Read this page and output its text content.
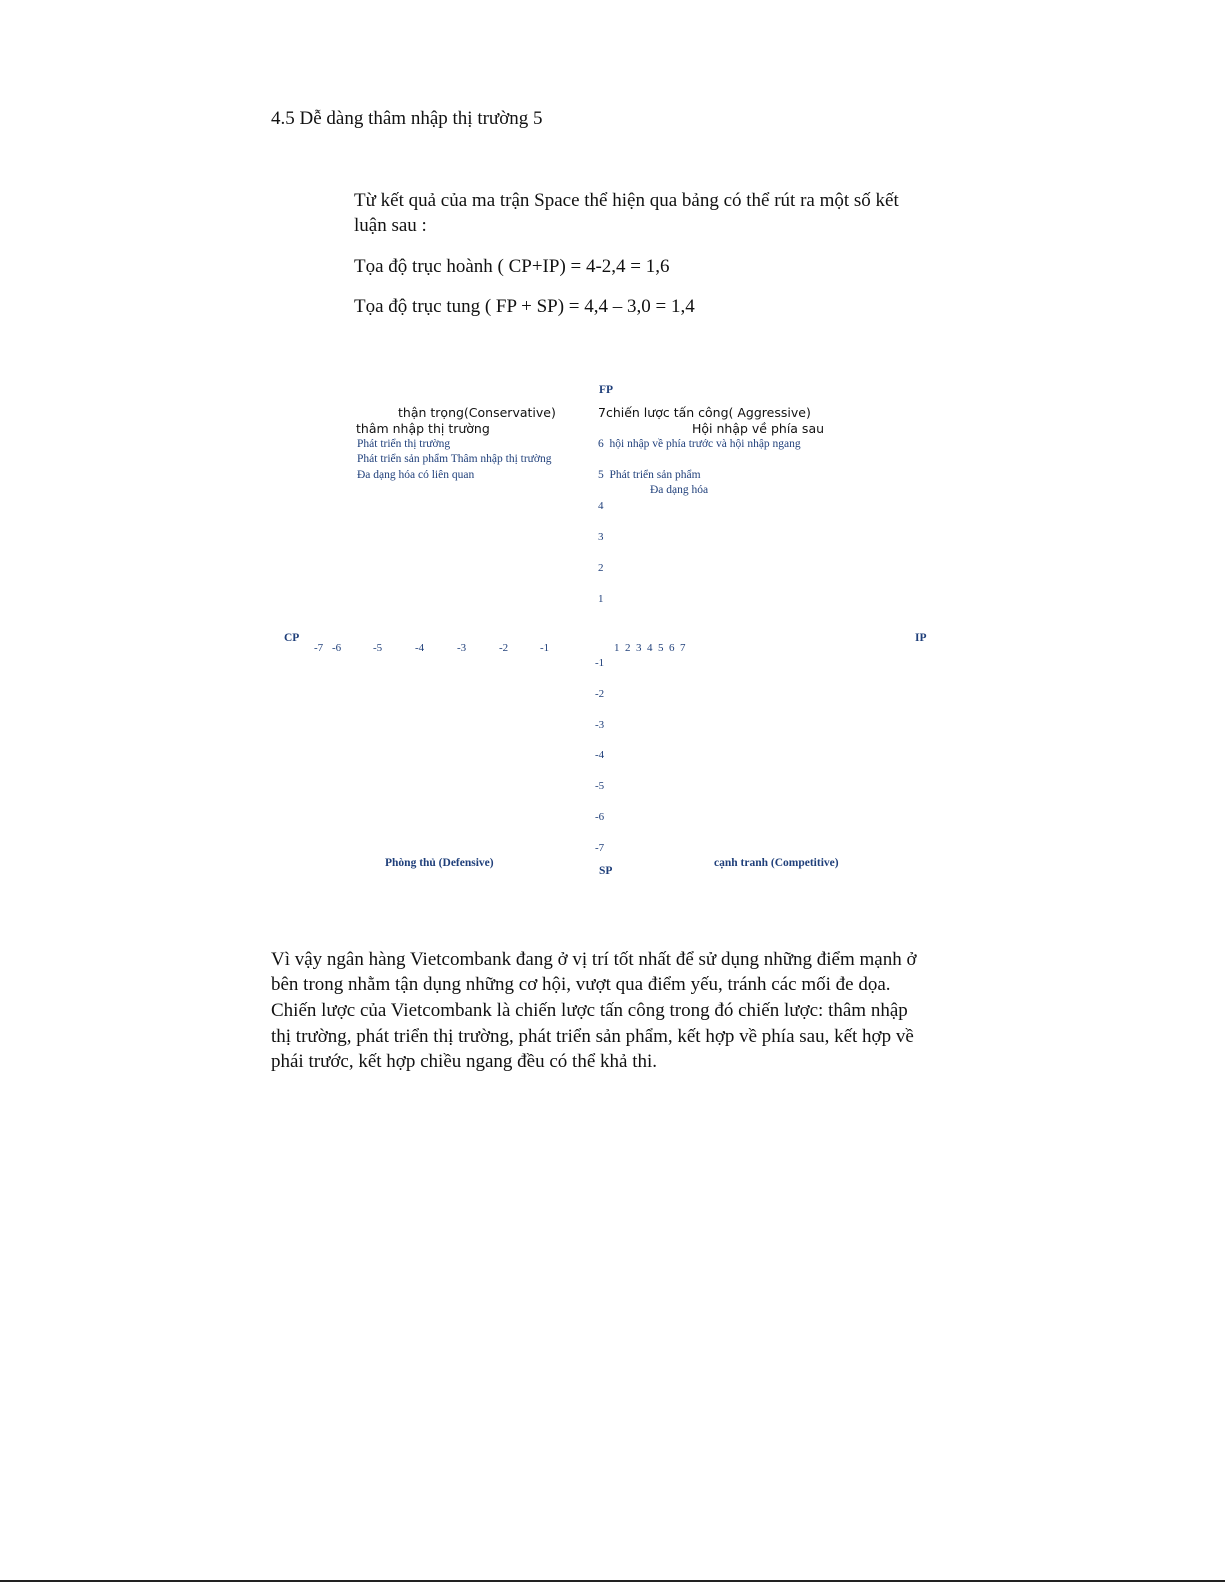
4.5 Dễ dàng thâm nhập thị trường 5
Từ kết quả của ma trận Space thể hiện qua bảng có thể rút ra một số kết
luận sau :
Tọa độ trục hoành ( CP+IP) = 4-2,4 = 1,6
Tọa độ trục tung ( FP + SP) = 4,4 – 3,0 = 1,4
FP
SP
CP	IP
thận trọng(Conservative)
thâm nhập thị trường
Phát triển thị trường
Phát triển sản phẩm Thâm nhập thị trường
Đa dạng hóa có liên quan
7chiến lược tấn công( Aggressive)
Hội nhập về phía sau
6 hội nhập về phía trước và hội nhập ngang
5 Phát triển sản phẩm
Đa dạng hóa
4
3
2
1
-7 -6	-5	-4	-3	-2	-1	1  2  3  4  5  6  7
-1
-2
-3
-4
-5
-6
-7
Phòng thủ (Defensive)	cạnh tranh (Competitive)
Vì vậy ngân hàng Vietcombank đang ở vị trí tốt nhất để sử dụng những điểm mạnh ở
bên trong nhằm tận dụng những cơ hội, vượt qua điểm yếu, tránh các mối đe dọa.
Chiến lược của Vietcombank là chiến lược tấn công trong đó chiến lược: thâm nhập
thị trường, phát triển thị trường, phát triển sản phẩm, kết hợp về phía sau, kết hợp về
phái trước, kết hợp chiều ngang đều có thể khả thi.
